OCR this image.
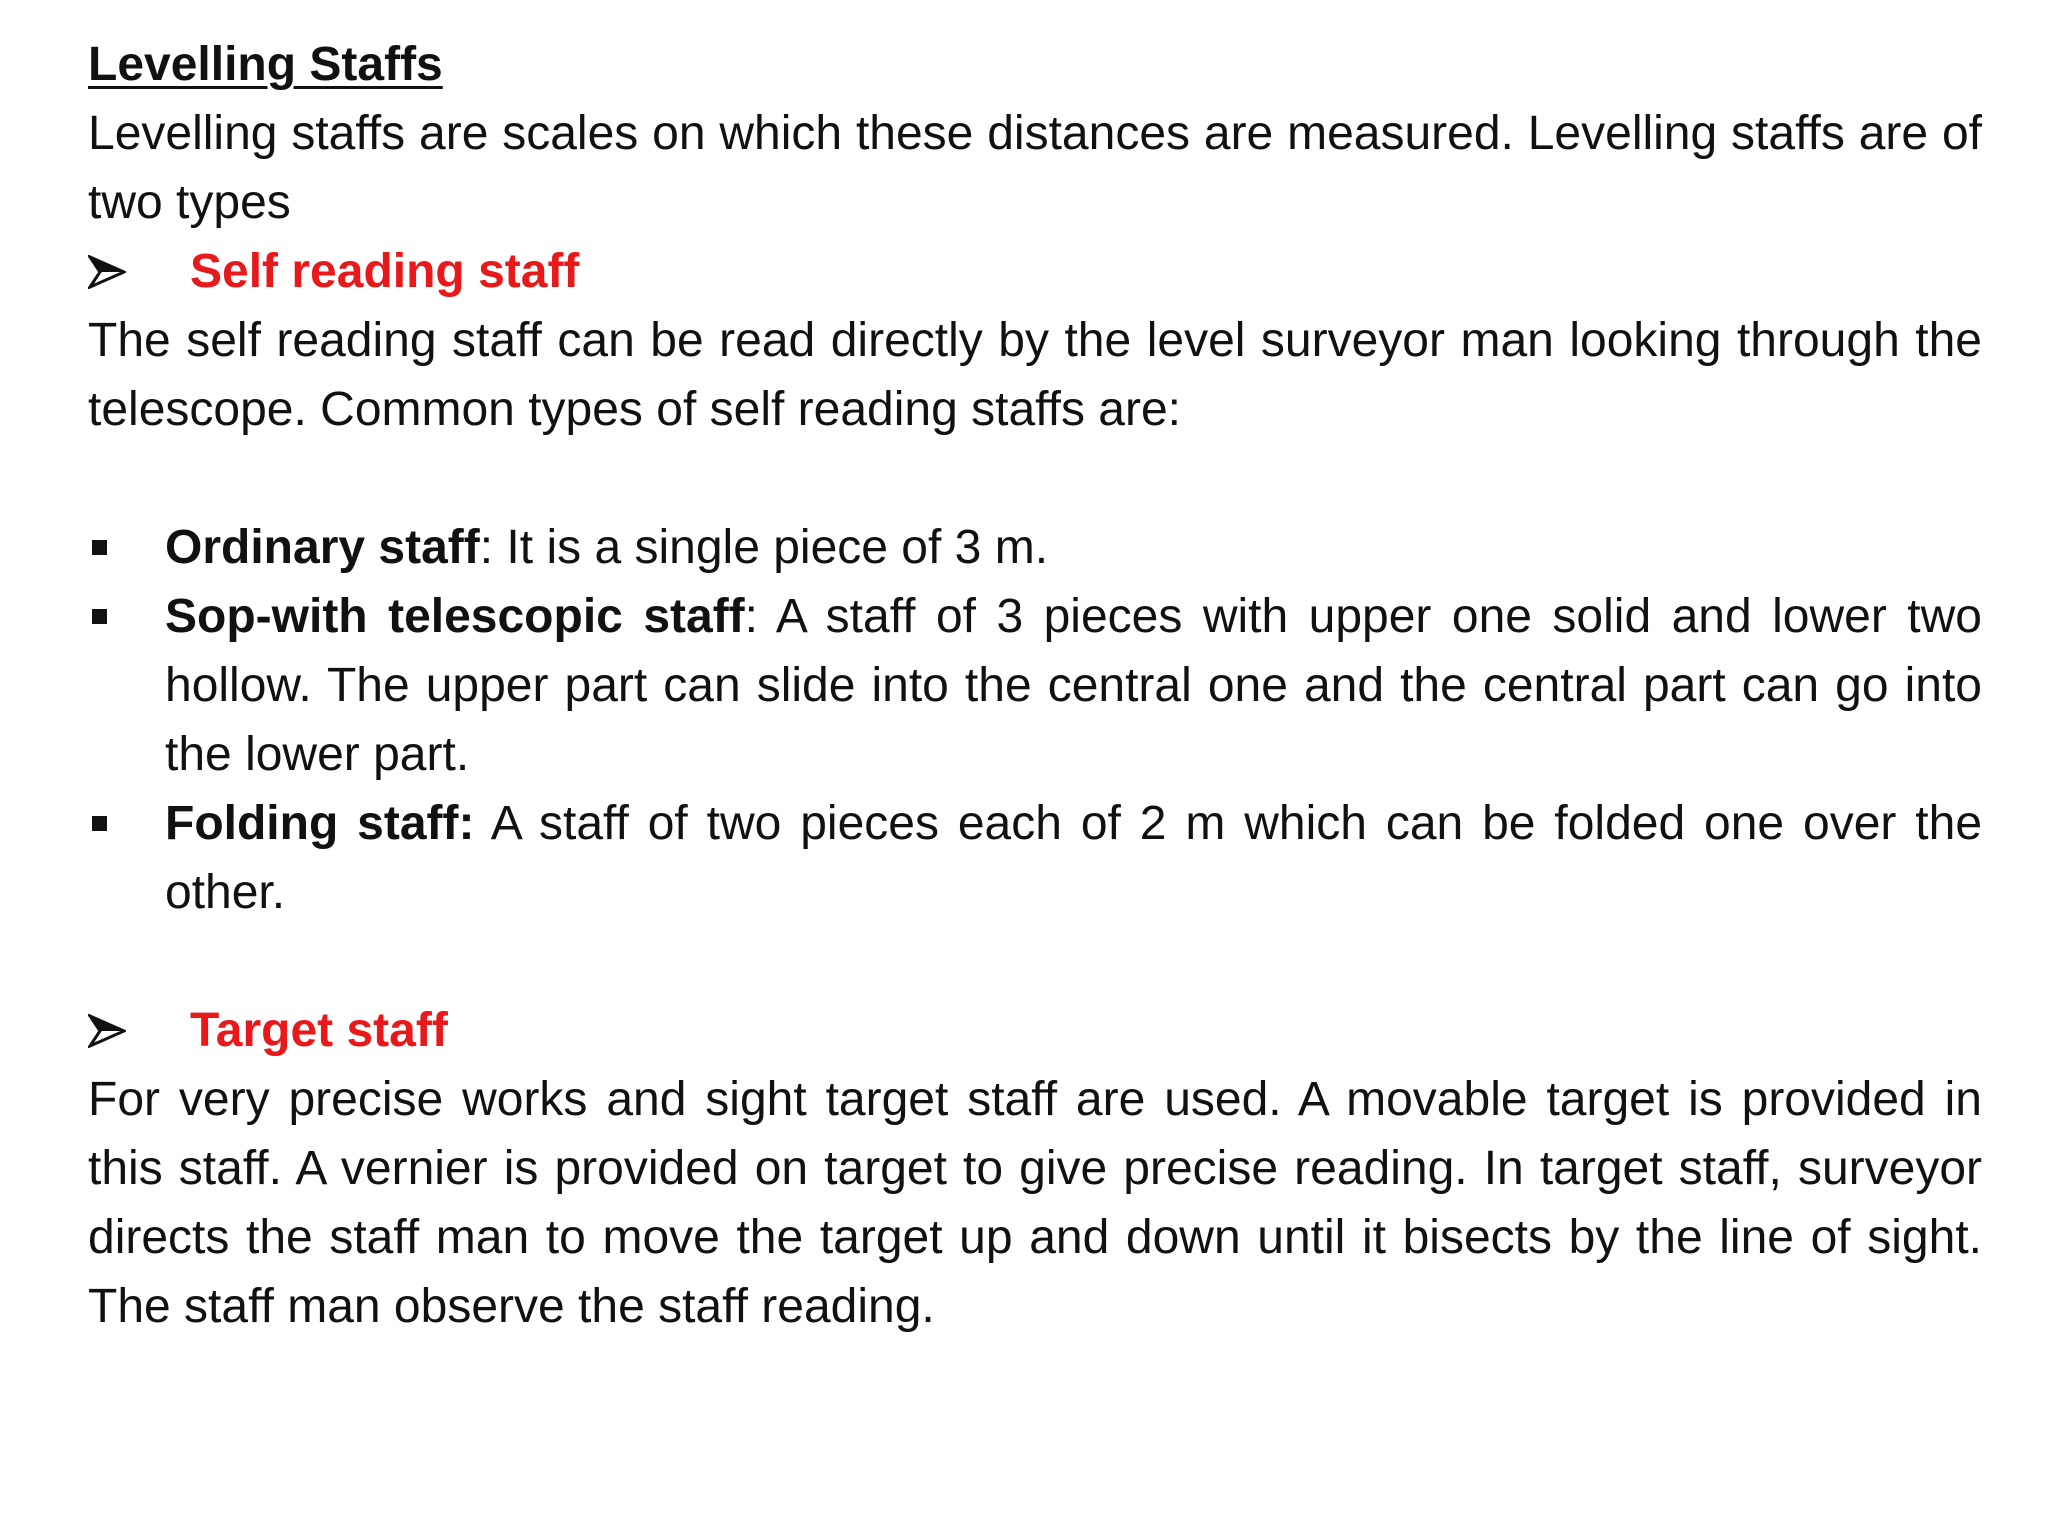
Levelling Staffs
Levelling staffs are scales on which these distances are measured. Levelling staffs are of two types
Self reading staff
The self reading staff can be read directly by the level surveyor man looking through the telescope. Common types of self reading staffs are:
Ordinary staff: It is a single piece of 3 m.
Sop-with telescopic staff: A staff of 3 pieces with upper one solid and lower two hollow. The upper part can slide into the central one and the central part can go into the lower part.
Folding staff: A staff of two pieces each of 2 m which can be folded one over the other.
Target staff
For very precise works and sight target staff are used. A movable target is provided in this staff. A vernier is provided on target to give precise reading. In target staff, surveyor directs the staff man to move the target up and down until it bisects by the line of sight. The staff man observe the staff reading.
